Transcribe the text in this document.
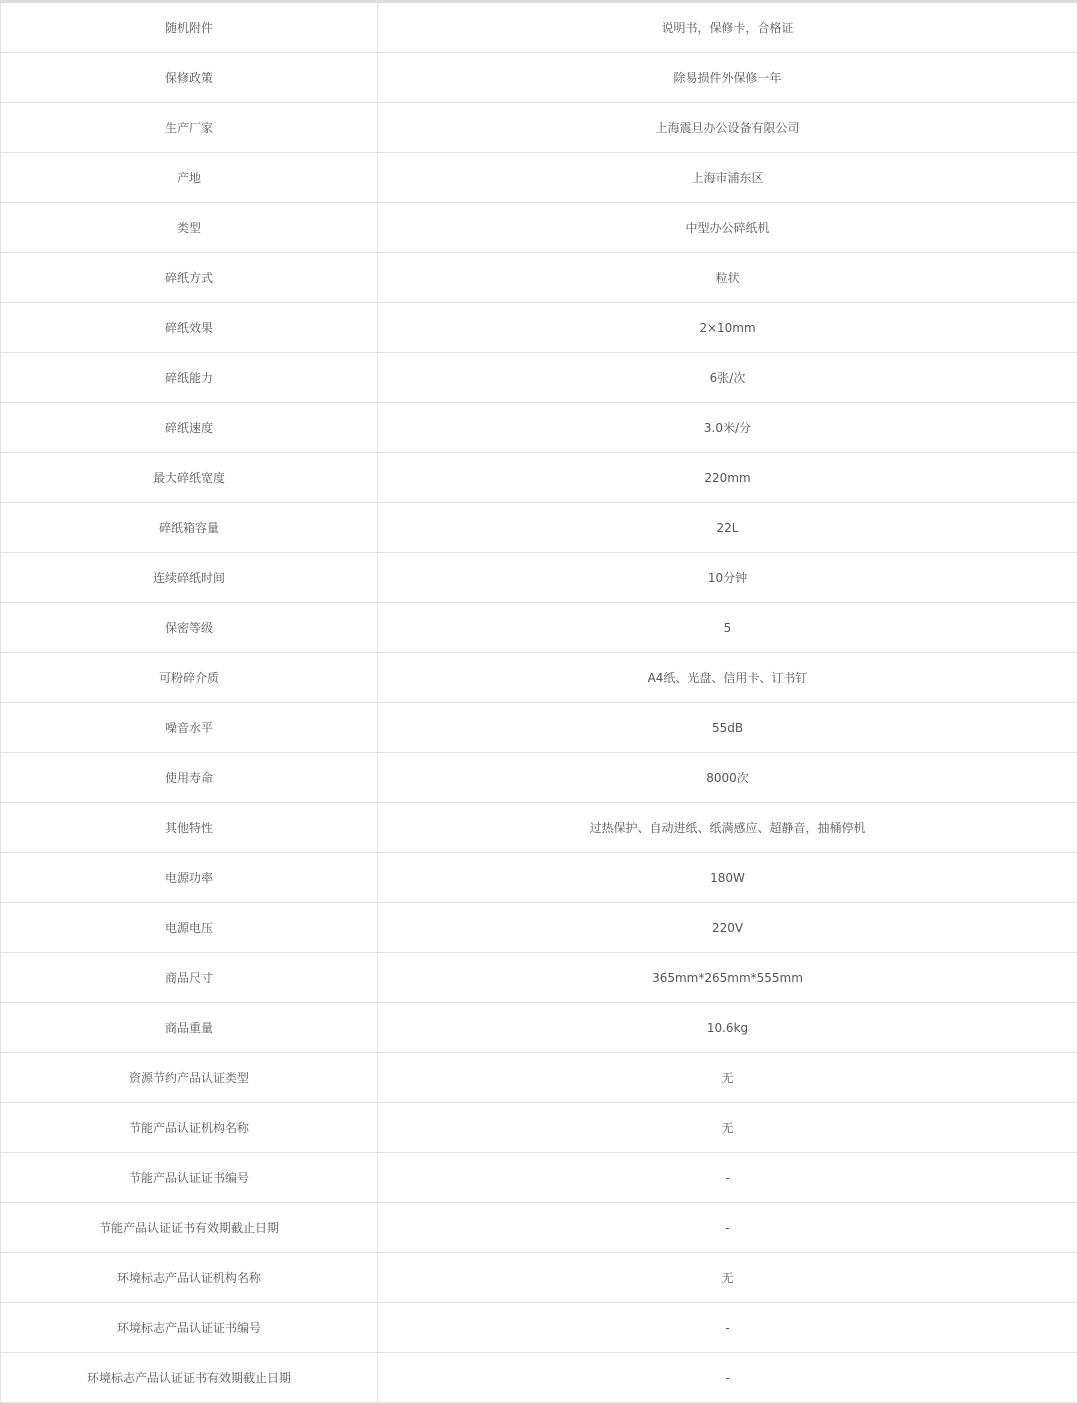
随机附件	说明书，保修卡，合格证
保修政策	除易损件外保修一年
生产厂家	上海震旦办公设备有限公司
产地	上海市浦东区
类型	中型办公碎纸机
碎纸方式	粒状
碎纸效果	2×10mm
碎纸能力	6张/次
碎纸速度	3.0米/分
最大碎纸宽度	220mm
碎纸箱容量	22L
连续碎纸时间	10分钟
保密等级	5
可粉碎介质	A4纸、光盘、信用卡、订书钉
噪音水平	55dB
使用寿命	8000次
其他特性	过热保护、自动进纸、纸满感应、超静音，抽桶停机
电源功率	180W
电源电压	220V
商品尺寸	365mm*265mm*555mm
商品重量	10.6kg
资源节约产品认证类型	无
节能产品认证机构名称	无
节能产品认证证书编号	-
节能产品认证证书有效期截止日期	-
环境标志产品认证机构名称	无
环境标志产品认证证书编号	-
环境标志产品认证证书有效期截止日期	-
